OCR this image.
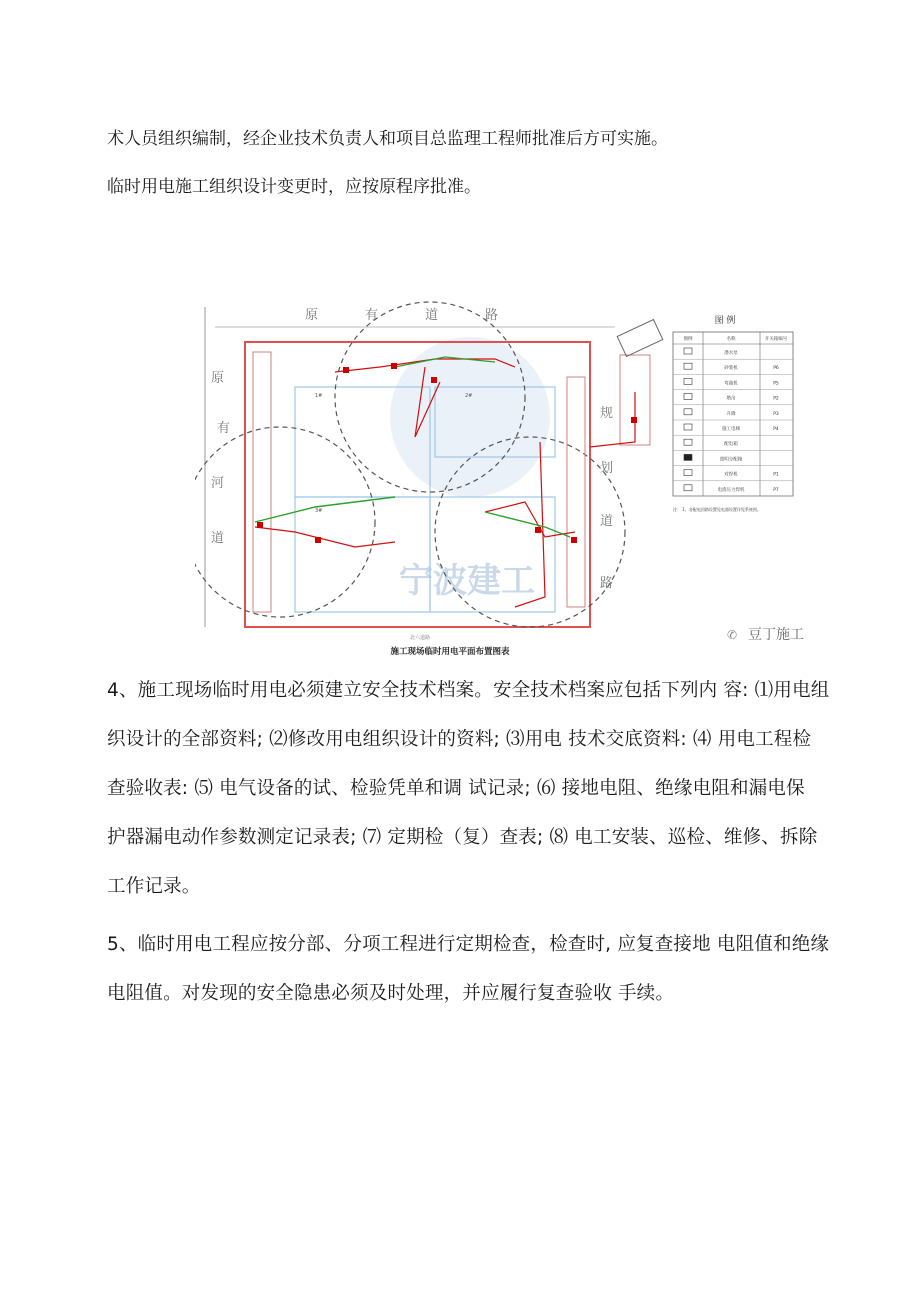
术人员组织编制，经企业技术负责人和项目总监理工程师批准后方可实施。
临时用电施工组织设计变更时，应按原程序批准。
宁波建工
1#	2#
3#
原	有	道	路
原
有
河
道
规
划
道
路
北六道路
图 例
图例	名称	开关箱编号
潜水泵
砂浆机	P6
弯曲机	P5
塔吊	P2
升降	P3
施工电梯	P4
配电箱
照明分配箱
对焊机	P1
电渣压力焊机	P7
注： 1、各配电回路设置见电器设置详见系统图。
施工现场临时用电平面布置图表
豆丁施工
✆
4、施工现场临时用电必须建立安全技术档案。安全技术档案应包括下列内 容: ⑴用电组
织设计的全部资料; ⑵修改用电组织设计的资料; ⑶用电 技术交底资料: ⑷ 用电工程检
查验收表: ⑸ 电气设备的试、检验凭单和调 试记录; ⑹ 接地电阻、绝缘电阻和漏电保
护器漏电动作参数测定记录表; ⑺ 定期检（复）查表; ⑻ 电工安装、巡检、维修、拆除
工作记录。
5、临时用电工程应按分部、分项工程进行定期检查，检查时, 应复查接地 电阻值和绝缘
电阻值。对发现的安全隐患必须及时处理，并应履行复查验收 手续。
